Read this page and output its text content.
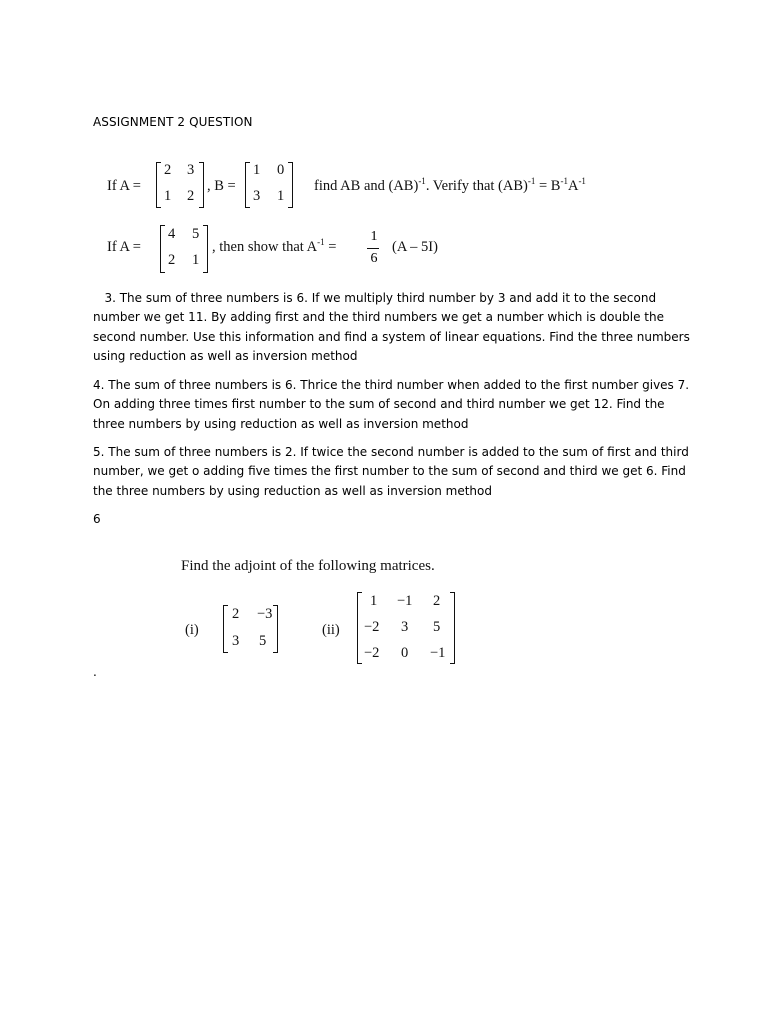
ASSIGNMENT 2 QUESTION
If A =
2 3
1 2
, B =
1 0
3 1
find AB and (AB)$^{-1}$. Verify that $(AB)^{-1} = B^{-1}A^{-1}$
If A =
4 5
2 1
, then show that $A^{-1}$ =
1
6
(A – 5I)
3. The sum of three numbers is 6. If we multiply third number by 3 and add it to the second number we get 11. By adding first and the third numbers we get a number which is double the second number. Use this information and find a system of linear equations. Find the three numbers using reduction as well as inversion method
4. The sum of three numbers is 6. Thrice the third number when added to the first number gives 7. On adding three times first number to the sum of second and third number we get 12. Find the three numbers by using reduction as well as inversion method
5. The sum of three numbers is 2. If twice the second number is added to the sum of first and third number, we get o adding five times the first number to the sum of second and third we get 6. Find the three numbers by using reduction as well as inversion method
6
Find the adjoint of the following matrices.
(i)
2 −3
3 5
(ii)
1 −1 2
−2 3 5
−2 0 −1
.
